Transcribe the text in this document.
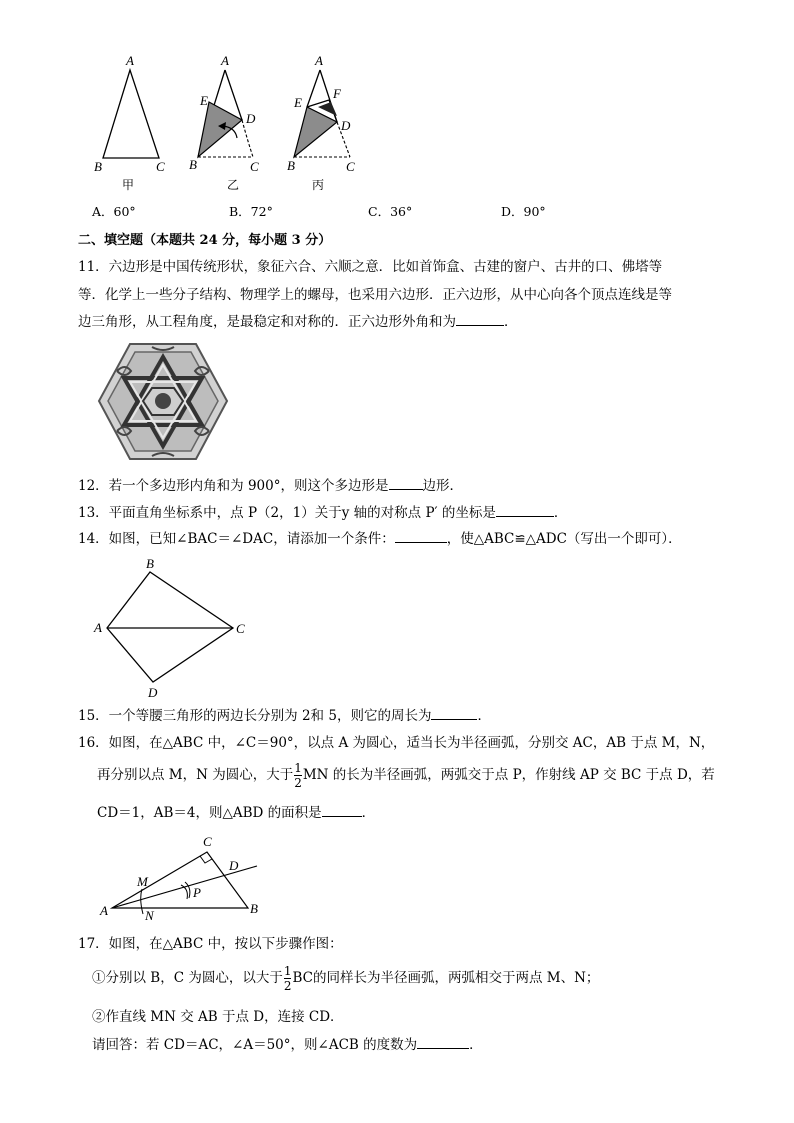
A
B	C
甲
A
E
D
B	C
乙
A
E
F
D
B	C
丙
A．60°	B．72°	C．36°	D．90°
二、填空题（本题共 24 分，每小题 3 分）
11．六边形是中国传统形状，象征六合、六顺之意．比如首饰盒、古建的窗户、古井的口、佛塔等
等．化学上一些分子结构、物理学上的螺母，也采用六边形．正六边形，从中心向各个顶点连线是等
边三角形，从工程角度，是最稳定和对称的．正六边形外角和为	．
12．若一个多边形内角和为 900°，则这个多边形是	边形．
13．平面直角坐标系中，点 P（2，1）关于y 轴的对称点 P′ 的坐标是	．
14．如图，已知∠BAC＝∠DAC，请添加一个条件：	，使△ABC≌△ADC（写出一个即可）．
B
A	C
D
15．一个等腰三角形的两边长分别为 2和 5，则它的周长为	．
16．如图，在△ABC 中，∠C＝90°，以点 A 为圆心，适当长为半径画弧，分别交 AC，AB 于点 M，N，
再分别以点 M，N 为圆心，大于 $\frac{1}{2}$ MN 的长为半径画弧，两弧交于点 P，作射线 AP 交 BC 于点 D，若
CD＝1，AB＝4，则△ABD 的面积是	．
C
D
M
P
A	N	B
17．如图，在△ABC 中，按以下步骤作图：
①分别以 B，C 为圆心，以大于 $\frac{1}{2}$ BC的同样长为半径画弧，两弧相交于两点 M、N；
②作直线 MN 交 AB 于点 D，连接 CD．
请回答：若 CD＝AC，∠A＝50°，则∠ACB 的度数为	．
